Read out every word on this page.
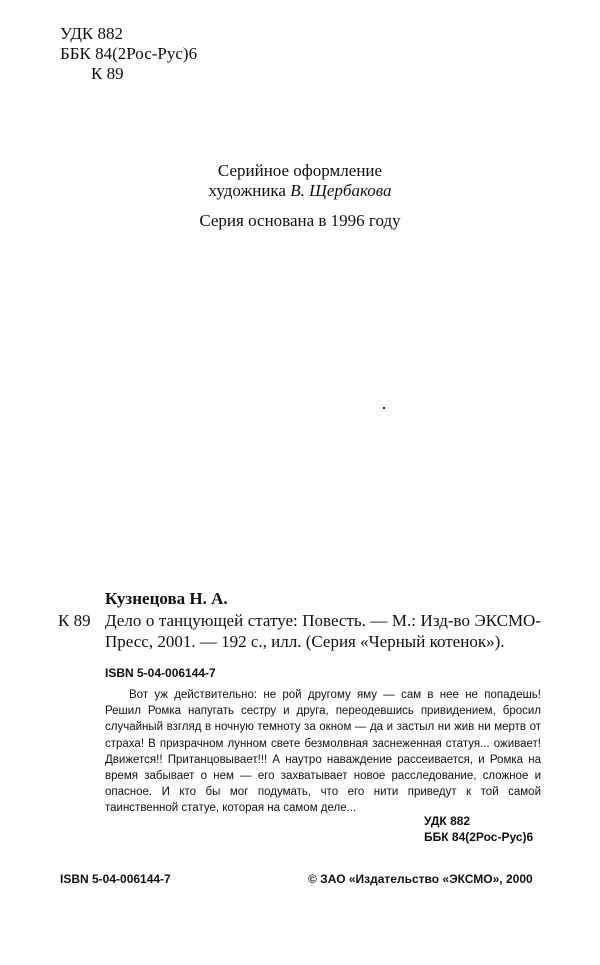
УДК 882
ББК 84(2Рос-Рус)6
К 89
Серийное оформление
художника В. Щербакова
Серия основана в 1996 году
Кузнецова Н. А.
К 89 Дело о танцующей статуе: Повесть. — М.: Изд-во ЭКСМО-Пресс, 2001. — 192 с., илл. (Серия «Черный котенок»).
ISBN 5-04-006144-7
Вот уж действительно: не рой другому яму — сам в нее не попадешь! Решил Ромка напугать сестру и друга, переодевшись привидением, бросил случайный взгляд в ночную темноту за окном — да и застыл ни жив ни мертв от страха! В призрачном лунном свете безмолвная заснеженная статуя... оживает! Движется!! Пританцовывает!!! А наутро наваждение рассеивается, и Ромка на время забывает о нем — его захватывает новое расследование, сложное и опасное. И кто бы мог подумать, что его нити приведут к той самой таинственной статуе, которая на самом деле...
УДК 882
ББК 84(2Рос-Рус)6
ISBN 5-04-006144-7	© ЗАО «Издательство «ЭКСМО», 2000
